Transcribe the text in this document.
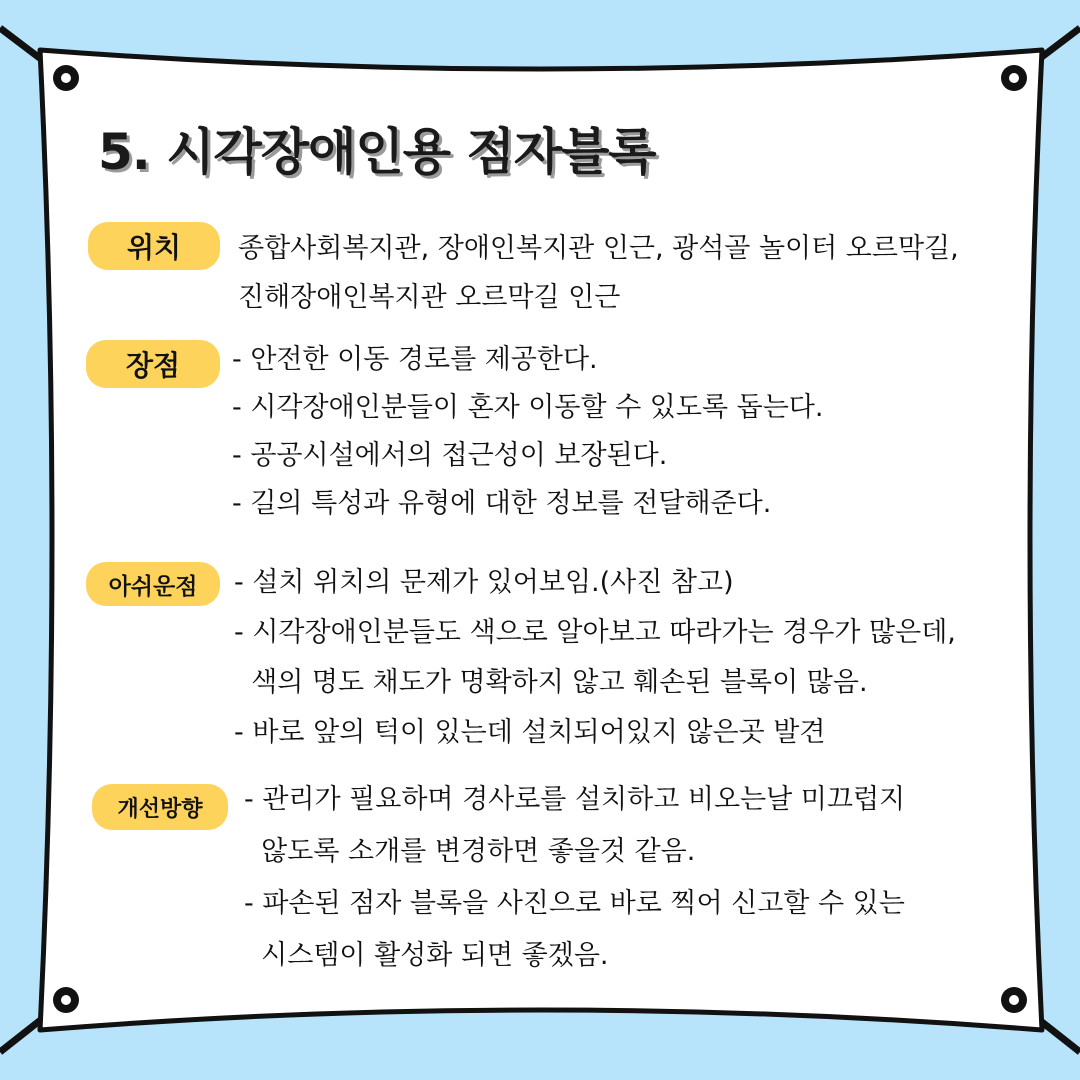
5. 시각장애인용 점자블록
위치	종합사회복지관, 장애인복지관 인근, 광석골 놀이터 오르막길,
진해장애인복지관 오르막길 인근
장점	- 안전한 이동 경로를 제공한다.
- 시각장애인분들이 혼자 이동할 수 있도록 돕는다.
- 공공시설에서의 접근성이 보장된다.
- 길의 특성과 유형에 대한 정보를 전달해준다.
아쉬운점	- 설치 위치의 문제가 있어보임.(사진 참고)
- 시각장애인분들도 색으로 알아보고 따라가는 경우가 많은데,
색의 명도 채도가 명확하지 않고 훼손된 블록이 많음.
- 바로 앞의 턱이 있는데 설치되어있지 않은곳 발견
개선방향	- 관리가 필요하며 경사로를 설치하고 비오는날 미끄럽지
않도록 소개를 변경하면 좋을것 같음.
- 파손된 점자 블록을 사진으로 바로 찍어 신고할 수 있는
시스템이 활성화 되면 좋겠음.
